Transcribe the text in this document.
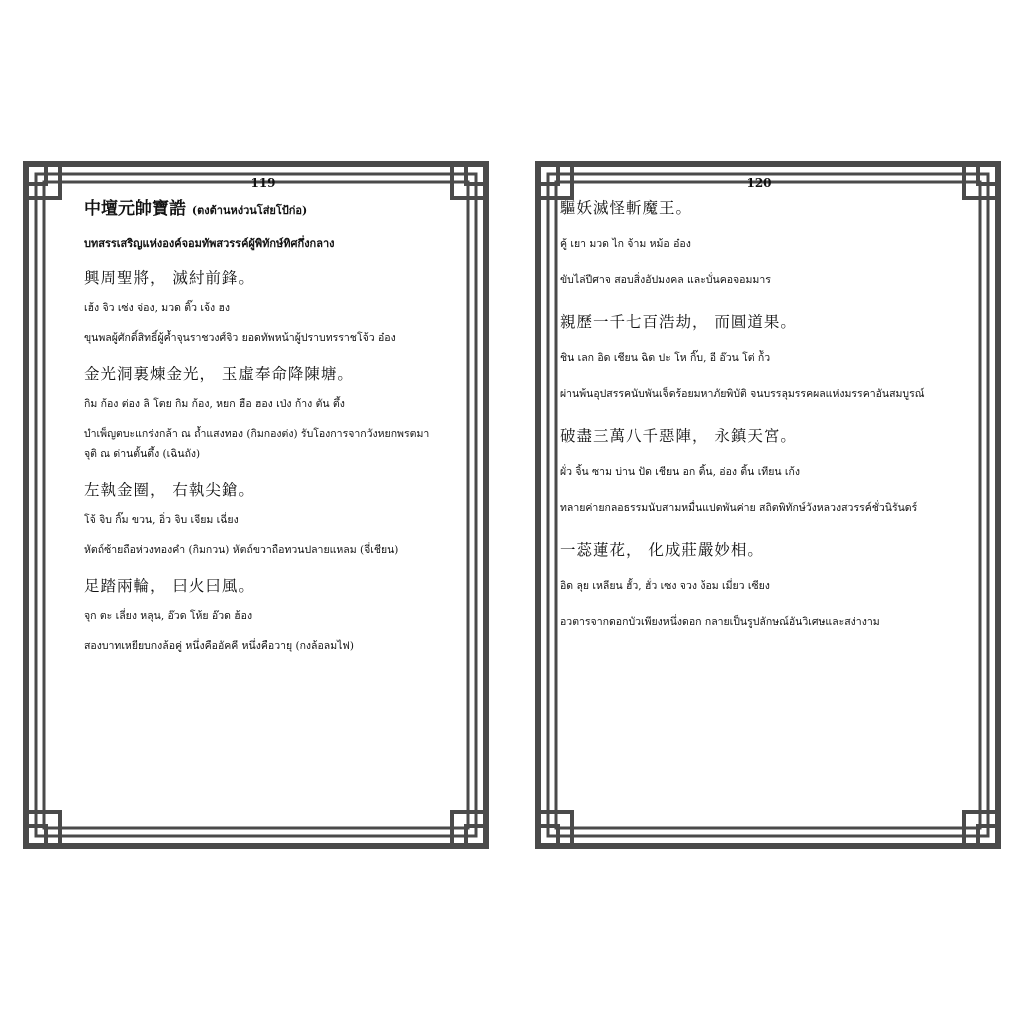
119
中壇元帥寶誥 (ตงต้านหง่วนโส่ยโป้ก่อ)
บทสรรเสริญแห่งองค์จอมทัพสวรรค์ผู้พิทักษ์ทิศกึ่งกลาง
興周聖將， 滅紂前鋒。
เฮ้ง จิว เซ่ง จ่อง, มวด ติ๊ว เจ้ง ฮง
ขุนพลผู้ศักดิ์สิทธิ์ผู้ค้ำจุนราชวงศ์จิว ยอดทัพหน้าผู้ปราบทรราชโจ้ว อ๋อง
金光洞裏煉金光， 玉虛奉命降陳塘。
กิม ก้อง ต่อง ลิ โตย กิม ก้อง, หยก ฮือ ฮอง เป่ง ก้าง ตัน ตึ้ง
บำเพ็ญตบะแกร่งกล้า ณ ถ้ำแสงทอง (กิมกองต่ง) รับโองการจากวังหยกพรตมาจุติ ณ ด่านตั้นตึ้ง (เฉินถัง)
左執金圈， 右執尖鎗。
โจ้ จิบ กิ๊ม ขวน, อิ่ว จิบ เจียม เฉี่ยง
หัตถ์ซ้ายถือห่วงทองคำ (กิมกวน) หัตถ์ขวาถือทวนปลายแหลม (จี่เชียน)
足踏兩輪， 曰火曰風。
จุก ตะ เลี่ยง หลุน, อ๊วด โห้ย อ๊วด ฮ้อง
สองบาทเหยียบกงล้อคู่ หนึ่งคืออัคคี หนึ่งคือวายุ (กงล้อลมไฟ)
120
驅妖滅怪斬魔王。
คู้ เยา มวด ไก จ้าม หม้อ อ๋อง
ขับไล่ปีศาจ สอบสิ่งอัปมงคล และบั่นคอจอมมาร
親歷一千七百浩劫， 而圓道果。
ชิน เลก อิด เชียน ฉิด ปะ โห กิ๊บ, อี อ๊วน โต่ ก้ัว
ผ่านพ้นอุปสรรคนับพันเจ็ดร้อยมหาภัยพิบัติ จนบรรลุมรรคผลแห่งมรรคาอันสมบูรณ์
破盡三萬八千惡陣， 永鎮天宮。
ผั่ว จิ้น ซาม บ่าน ปัด เชียน อก ติ้น, อ่อง ติ้น เทียน เก้ง
ทลายค่ายกลอธรรมนับสามหมื่นแปดพันค่าย สถิตพิทักษ์วังหลวงสวรรค์ชั่วนิรันดร์
一蕊蓮花， 化成莊嚴妙相。
อิด ลุย เหลียน ฮั้ว, ฮั่ว เซง จวง ง้อม เมี่ยว เซียง
อวตารจากดอกบัวเพียงหนึ่งดอก กลายเป็นรูปลักษณ์อันวิเศษและสง่างาม
